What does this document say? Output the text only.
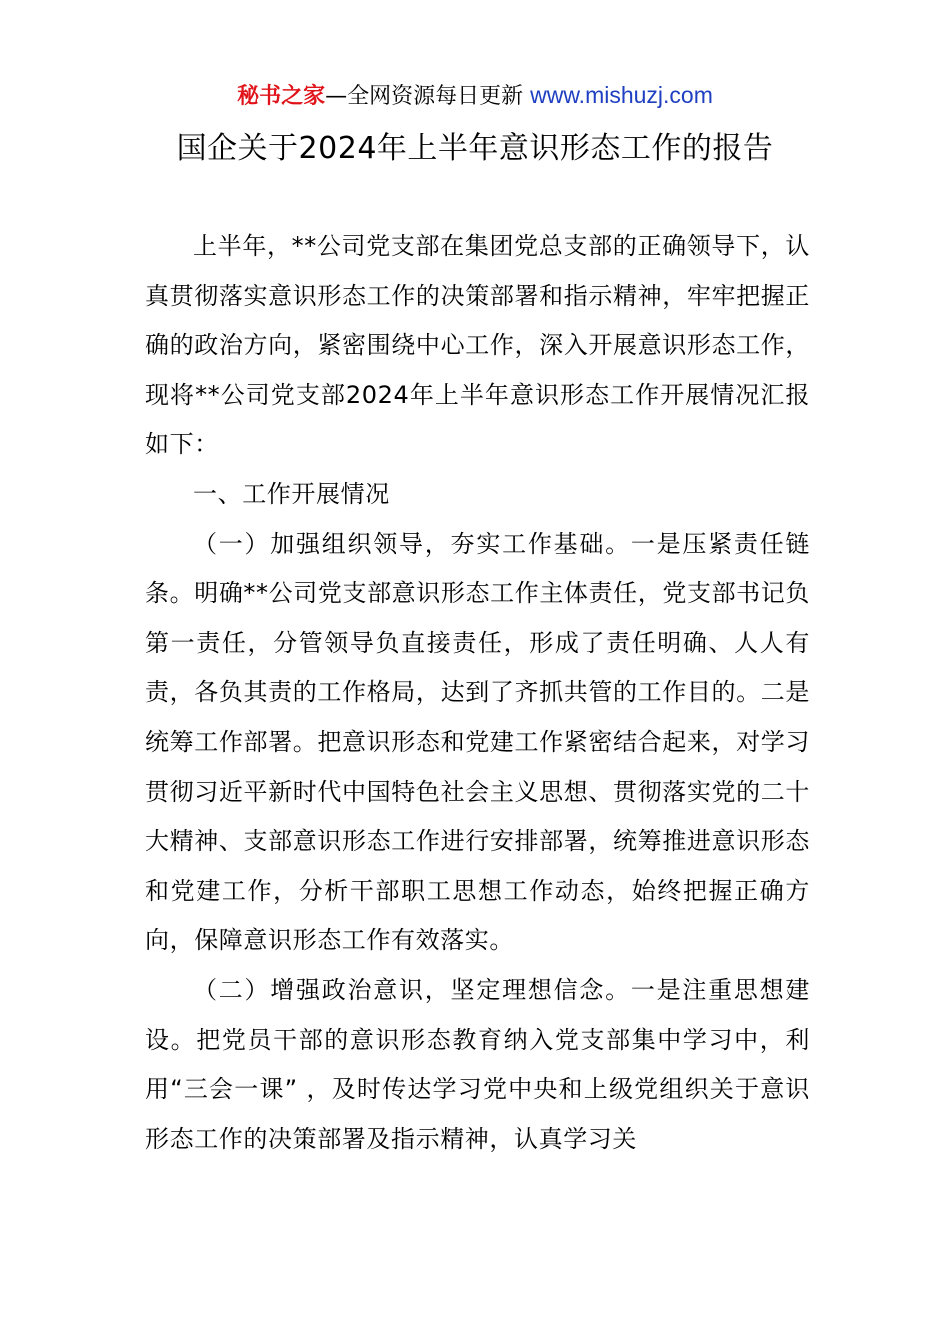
秘书之家—全网资源每日更新 www.mishuzj.com
国企关于2024年上半年意识形态工作的报告

上半年，**公司党支部在集团党总支部的正确领导下，认真贯彻落实意识形态工作的决策部署和指示精神，牢牢把握正确的政治方向，紧密围绕中心工作，深入开展意识形态工作，现将**公司党支部2024年上半年意识形态工作开展情况汇报如下：

一、工作开展情况

（一）加强组织领导，夯实工作基础。一是压紧责任链条。明确**公司党支部意识形态工作主体责任，党支部书记负第一责任，分管领导负直接责任，形成了责任明确、人人有责，各负其责的工作格局，达到了齐抓共管的工作目的。二是统筹工作部署。把意识形态和党建工作紧密结合起来，对学习贯彻习近平新时代中国特色社会主义思想、贯彻落实党的二十大精神、支部意识形态工作进行安排部署，统筹推进意识形态和党建工作，分析干部职工思想工作动态，始终把握正确方向，保障意识形态工作有效落实。

（二）增强政治意识，坚定理想信念。一是注重思想建设。把党员干部的意识形态教育纳入党支部集中学习中，利用“三会一课” ，及时传达学习党中央和上级党组织关于意识形态工作的决策部署及指示精神，认真学习关
